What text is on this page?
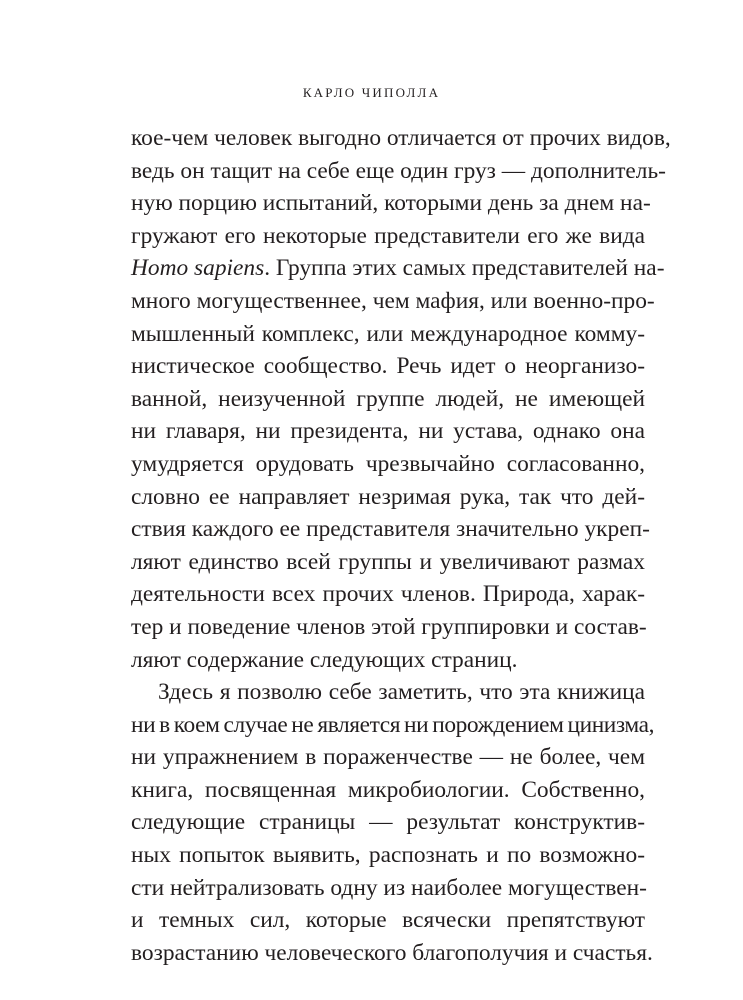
КАРЛО ЧИПОЛЛА
кое-чем человек выгодно отличается от прочих видов,
ведь он тащит на себе еще один груз — дополнитель-
ную порцию испытаний, которыми день за днем на-
гружают его некоторые представители его же вида
Homo sapiens. Группа этих самых представителей на-
много могущественнее, чем мафия, или военно-про-
мышленный комплекс, или международное комму-
нистическое сообщество. Речь идет о неорганизо-
ванной, неизученной группе людей, не имеющей
ни главаря, ни президента, ни устава, однако она
умудряется орудовать чрезвычайно согласованно,
словно ее направляет незримая рука, так что дей-
ствия каждого ее представителя значительно укреп-
ляют единство всей группы и увеличивают размах
деятельности всех прочих членов. Природа, харак-
тер и поведение членов этой группировки и состав-
ляют содержание следующих страниц.
Здесь я позволю себе заметить, что эта книжица
ни в коем случае не является ни порождением цинизма,
ни упражнением в пораженчестве — не более, чем
книга, посвященная микробиологии. Собственно,
следующие страницы — результат конструктив-
ных попыток выявить, распознать и по возможно-
сти нейтрализовать одну из наиболее могуществен-
и темных сил, которые всячески препятствуют
возрастанию человеческого благополучия и счастья.
